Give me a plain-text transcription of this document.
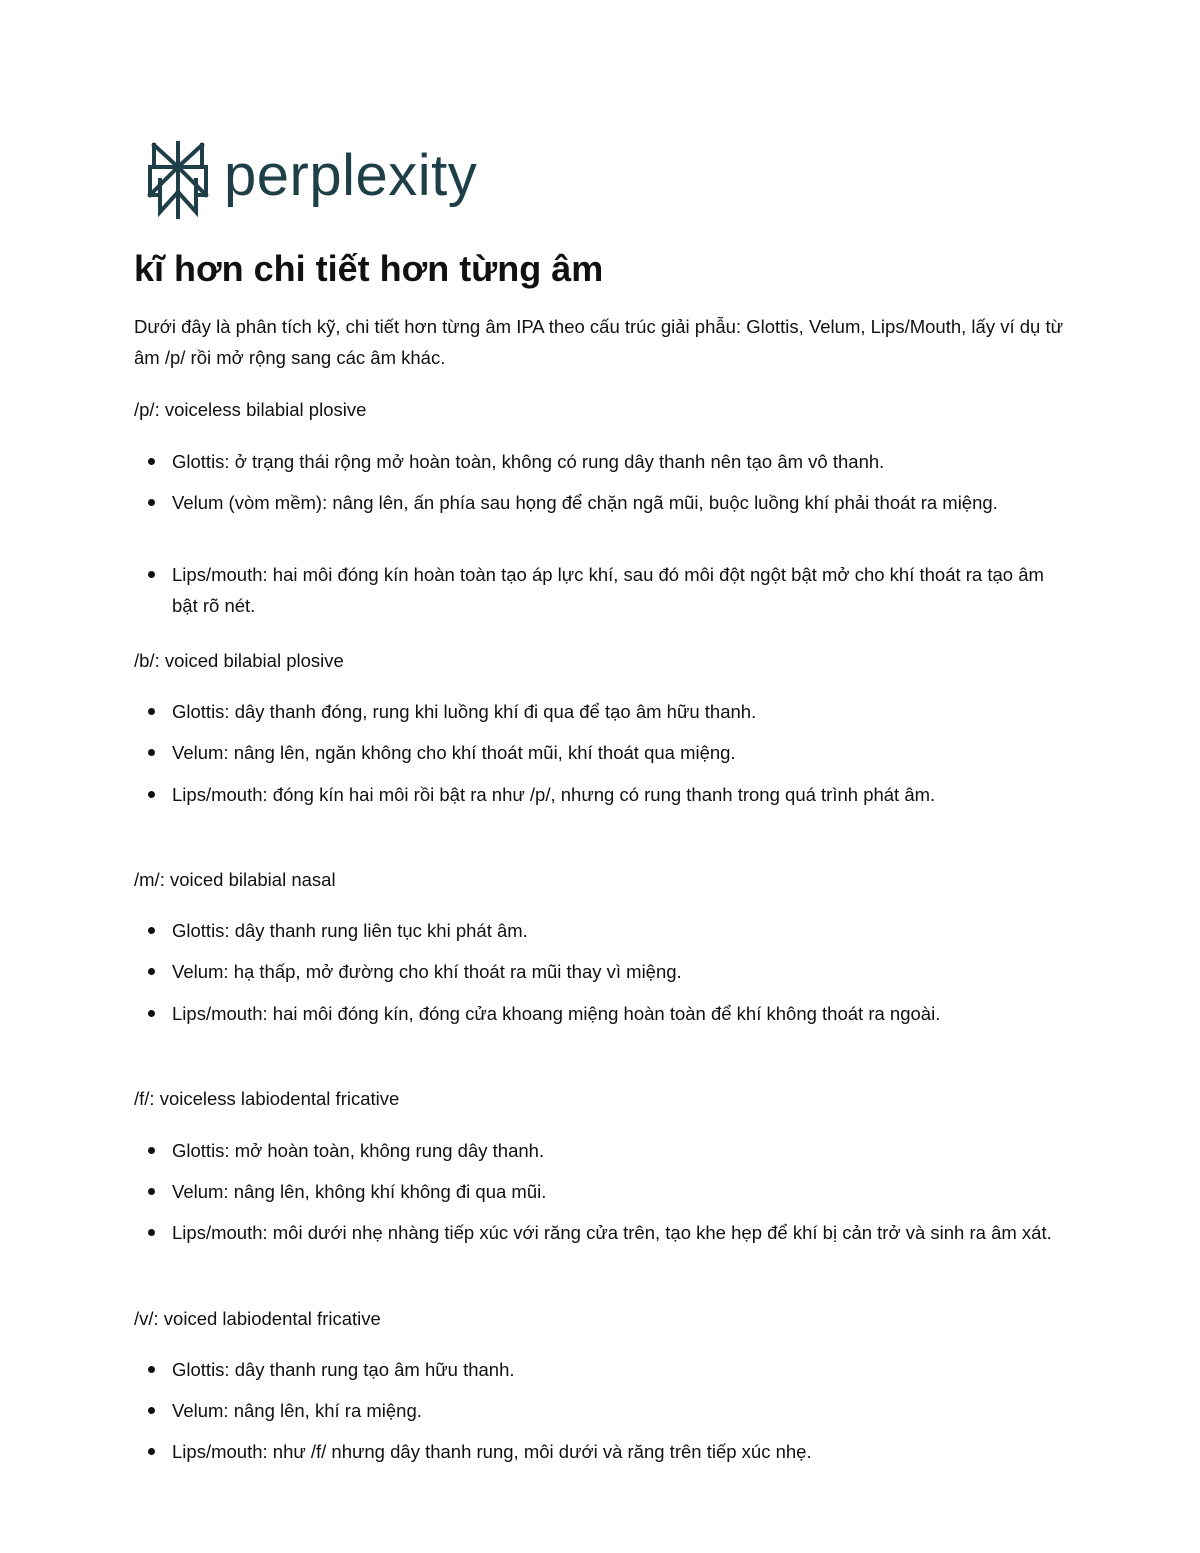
perplexity
kĩ hơn chi tiết hơn từng âm

Dưới đây là phân tích kỹ, chi tiết hơn từng âm IPA theo cấu trúc giải phẫu: Glottis, Velum, Lips/Mouth, lấy ví dụ từ âm /p/ rồi mở rộng sang các âm khác.

/p/: voiceless bilabial plosive

Glottis: ở trạng thái rộng mở hoàn toàn, không có rung dây thanh nên tạo âm vô thanh.
Velum (vòm mềm): nâng lên, ấn phía sau họng để chặn ngã mũi, buộc luồng khí phải thoát ra miệng.
Lips/mouth: hai môi đóng kín hoàn toàn tạo áp lực khí, sau đó môi đột ngột bật mở cho khí thoát ra tạo âm bật rõ nét.

/b/: voiced bilabial plosive

Glottis: dây thanh đóng, rung khi luồng khí đi qua để tạo âm hữu thanh.
Velum: nâng lên, ngăn không cho khí thoát mũi, khí thoát qua miệng.
Lips/mouth: đóng kín hai môi rồi bật ra như /p/, nhưng có rung thanh trong quá trình phát âm.

/m/: voiced bilabial nasal

Glottis: dây thanh rung liên tục khi phát âm.
Velum: hạ thấp, mở đường cho khí thoát ra mũi thay vì miệng.
Lips/mouth: hai môi đóng kín, đóng cửa khoang miệng hoàn toàn để khí không thoát ra ngoài.

/f/: voiceless labiodental fricative

Glottis: mở hoàn toàn, không rung dây thanh.
Velum: nâng lên, không khí không đi qua mũi.
Lips/mouth: môi dưới nhẹ nhàng tiếp xúc với răng cửa trên, tạo khe hẹp để khí bị cản trở và sinh ra âm xát.

/v/: voiced labiodental fricative

Glottis: dây thanh rung tạo âm hữu thanh.
Velum: nâng lên, khí ra miệng.
Lips/mouth: như /f/ nhưng dây thanh rung, môi dưới và răng trên tiếp xúc nhẹ.
